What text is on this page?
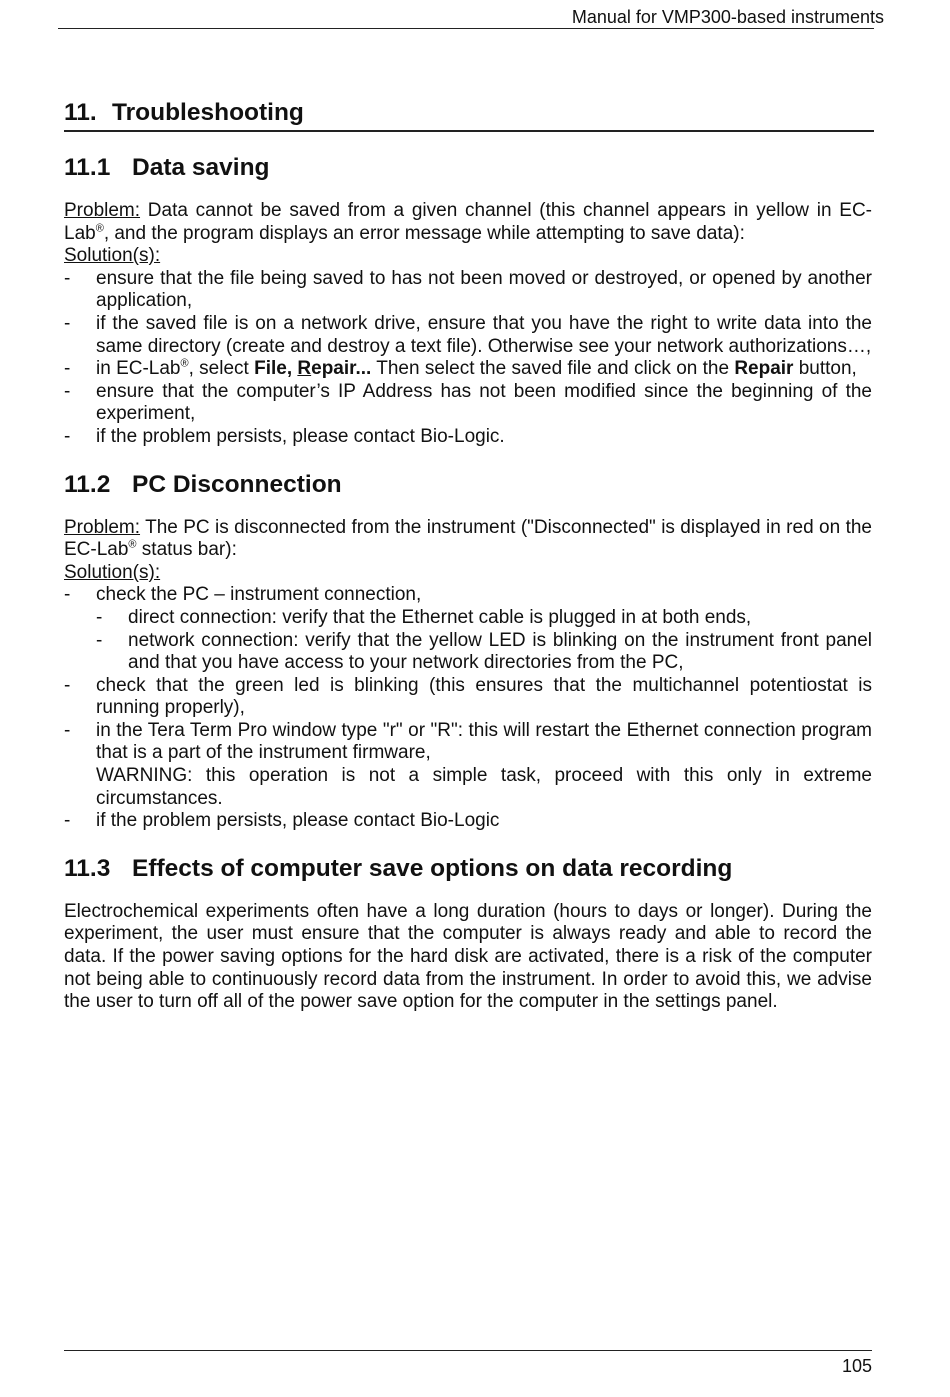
Manual for VMP300-based instruments
11. Troubleshooting
11.1 Data saving

Problem: Data cannot be saved from a given channel (this channel appears in yellow in EC-Lab®, and the program displays an error message while attempting to save data):

Solution(s):

- ensure that the file being saved to has not been moved or destroyed, or opened by another application,
- if the saved file is on a network drive, ensure that you have the right to write data into the same directory (create and destroy a text file). Otherwise see your network authorizations…,
- in EC-Lab®, select File, Repair... Then select the saved file and click on the Repair button,
- ensure that the computer’s IP Address has not been modified since the beginning of the experiment,
- if the problem persists, please contact Bio-Logic.
11.2 PC Disconnection

Problem: The PC is disconnected from the instrument ("Disconnected" is displayed in red on the EC-Lab® status bar):

Solution(s):

- check the PC – instrument connection,
- direct connection: verify that the Ethernet cable is plugged in at both ends,
- network connection: verify that the yellow LED is blinking on the instrument front panel and that you have access to your network directories from the PC,
- check that the green led is blinking (this ensures that the multichannel potentiostat is running properly),
- in the Tera Term Pro window type "r" or "R": this will restart the Ethernet connection program that is a part of the instrument firmware,
WARNING: this operation is not a simple task, proceed with this only in extreme circumstances.
- if the problem persists, please contact Bio-Logic
11.3 Effects of computer save options on data recording

Electrochemical experiments often have a long duration (hours to days or longer). During the experiment, the user must ensure that the computer is always ready and able to record the data. If the power saving options for the hard disk are activated, there is a risk of the computer not being able to continuously record data from the instrument. In order to avoid this, we advise the user to turn off all of the power save option for the computer in the settings panel.

105
